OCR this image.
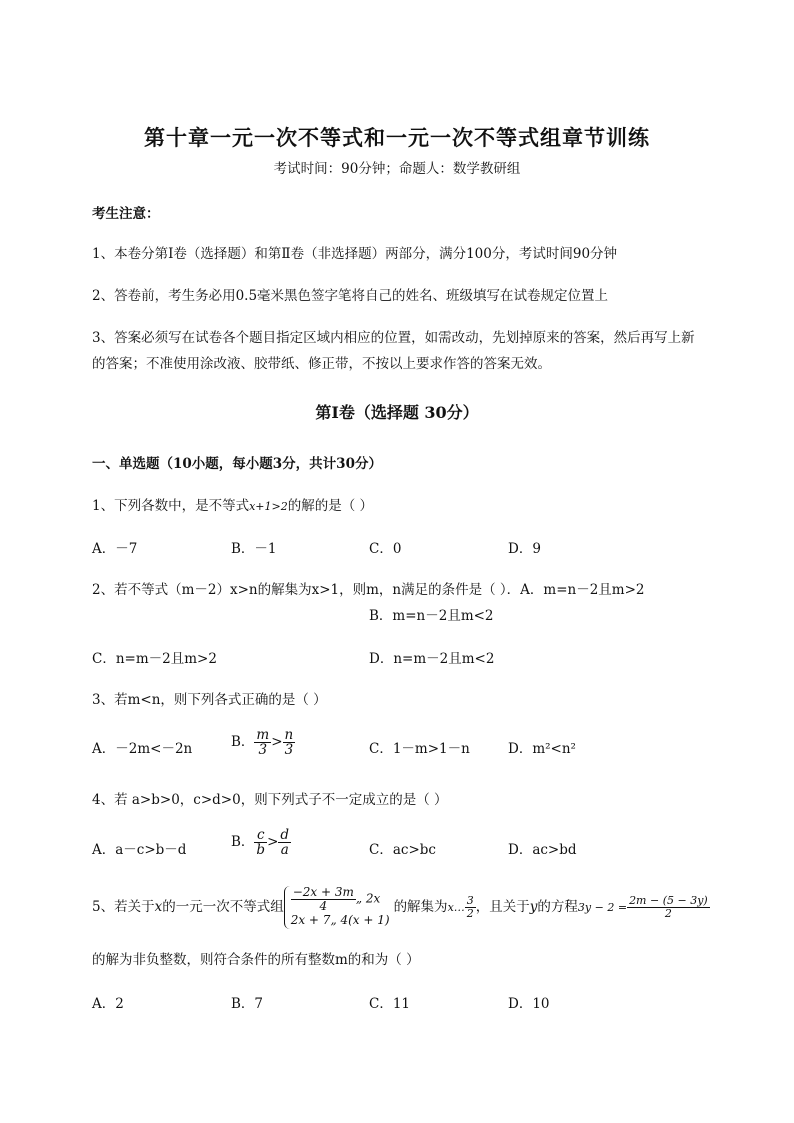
第十章一元一次不等式和一元一次不等式组章节训练
考试时间：90分钟；命题人：数学教研组
考生注意：
1、本卷分第I卷（选择题）和第Ⅱ卷（非选择题）两部分，满分100分，考试时间90分钟
2、答卷前，考生务必用0.5毫米黑色签字笔将自己的姓名、班级填写在试卷规定位置上
3、答案必须写在试卷各个题目指定区域内相应的位置，如需改动，先划掉原来的答案，然后再写上新
的答案；不准使用涂改液、胶带纸、修正带，不按以上要求作答的答案无效。
第I卷（选择题 30分）
一、单选题（10小题，每小题3分，共计30分）
1、下列各数中，是不等式x+1>2的解的是（ ）
A．－7	B．－1	C．0	D．9
2、若不等式（m－2）x>n的解集为x>1，则m，n满足的条件是（ ）．A．m=n－2且m>2
B．m=n－2且m<2
C．n=m－2且m>2	D．n=m－2且m<2
3、若m<n，则下列各式正确的是（ ）
A．－2m<－2n	B． $\frac{m}{3} > \frac{n}{3}$	C．1－m>1－n	D．m²<n²
4、若 a>b>0，c>d>0，则下列式子不一定成立的是（ ）
A．a－c>b－d	B． $\frac{c}{b} > \frac{d}{a}$	C．ac>bc	D．ac>bd
5、若关于x的一元一次不等式组 $\frac{-2x + 3m}{4}$ „ 2x
2x + 7„ 4(x + 1)
的解集为x… $\frac{3}{2}$ ，且关于y的方程$3y - 2 = \frac{2m - (5 - 3y)}{2}$
的解为非负整数，则符合条件的所有整数m的和为（ ）
A．2	B．7	C．11	D．10
